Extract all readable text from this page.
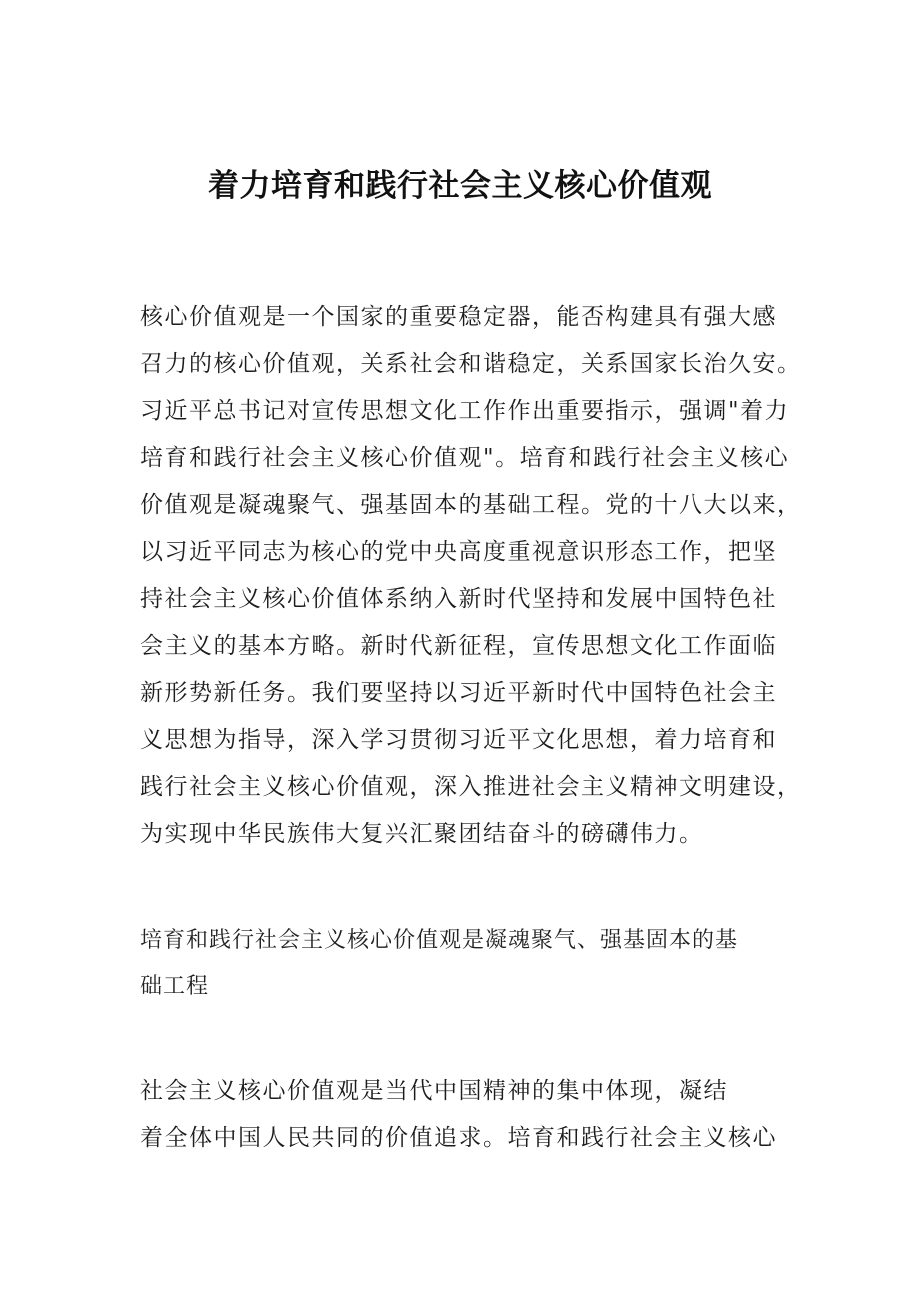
着力培育和践行社会主义核心价值观
核心价值观是一个国家的重要稳定器，能否构建具有强大感
召力的核心价值观，关系社会和谐稳定，关系国家长治久安。
习近平总书记对宣传思想文化工作作出重要指示，强调"着力
培育和践行社会主义核心价值观"。培育和践行社会主义核心
价值观是凝魂聚气、强基固本的基础工程。党的十八大以来，
以习近平同志为核心的党中央高度重视意识形态工作，把坚
持社会主义核心价值体系纳入新时代坚持和发展中国特色社
会主义的基本方略。新时代新征程，宣传思想文化工作面临
新形势新任务。我们要坚持以习近平新时代中国特色社会主
义思想为指导，深入学习贯彻习近平文化思想，着力培育和
践行社会主义核心价值观，深入推进社会主义精神文明建设，
为实现中华民族伟大复兴汇聚团结奋斗的磅礴伟力。
培育和践行社会主义核心价值观是凝魂聚气、强基固本的基
础工程
社会主义核心价值观是当代中国精神的集中体现，凝结
着全体中国人民共同的价值追求。培育和践行社会主义核心
